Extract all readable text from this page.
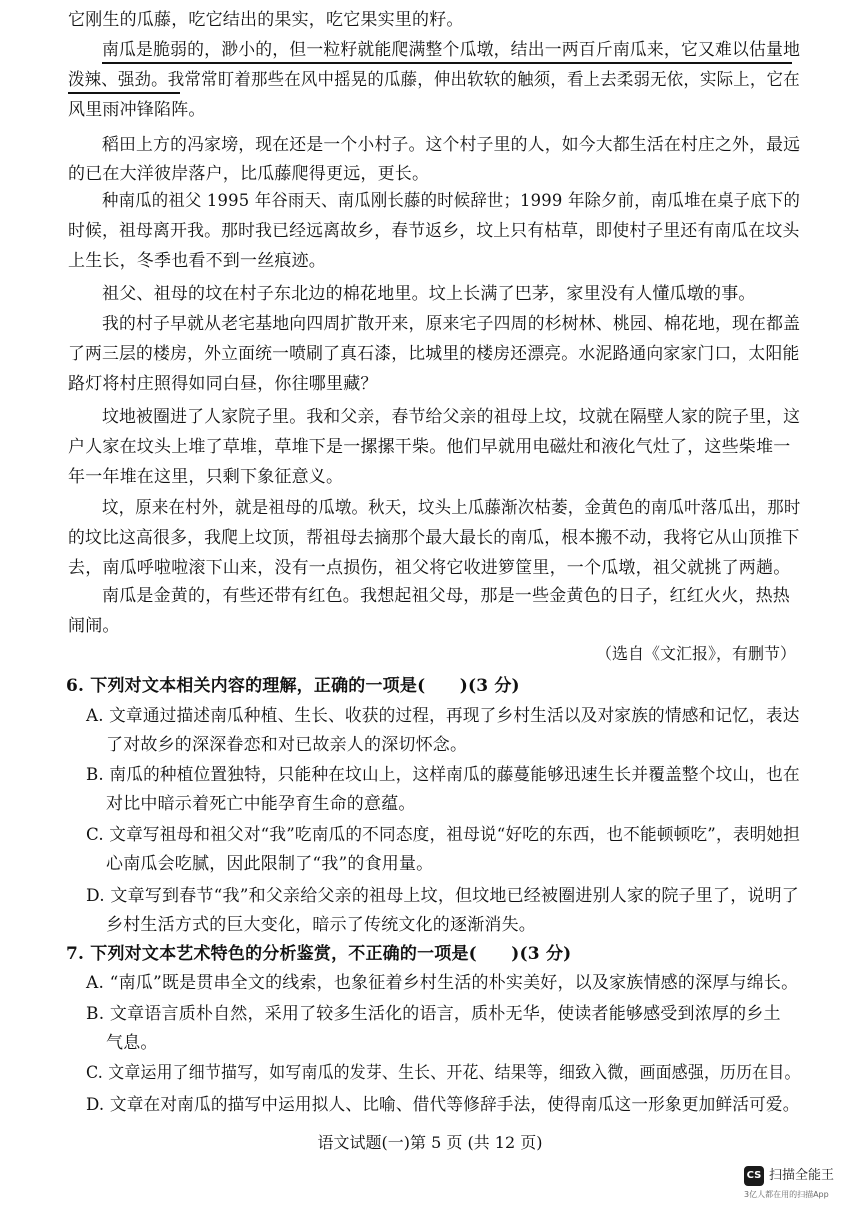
它刚生的瓜藤，吃它结出的果实，吃它果实里的籽。
南瓜是脆弱的，渺小的，但一粒籽就能爬满整个瓜墩，结出一两百斤南瓜来，它又难以估量地
泼辣、强劲。我常常盯着那些在风中摇晃的瓜藤，伸出软软的触须，看上去柔弱无依，实际上，它在
风里雨冲锋陷阵。
稻田上方的冯家塝，现在还是一个小村子。这个村子里的人，如今大都生活在村庄之外，最远
的已在大洋彼岸落户，比瓜藤爬得更远，更长。
种南瓜的祖父 1995 年谷雨天、南瓜刚长藤的时候辞世；1999 年除夕前，南瓜堆在桌子底下的
时候，祖母离开我。那时我已经远离故乡，春节返乡，坟上只有枯草，即使村子里还有南瓜在坟头
上生长，冬季也看不到一丝痕迹。
祖父、祖母的坟在村子东北边的棉花地里。坟上长满了巴茅，家里没有人懂瓜墩的事。
我的村子早就从老宅基地向四周扩散开来，原来宅子四周的杉树林、桃园、棉花地，现在都盖
了两三层的楼房，外立面统一喷刷了真石漆，比城里的楼房还漂亮。水泥路通向家家门口，太阳能
路灯将村庄照得如同白昼，你往哪里藏？
坟地被圈进了人家院子里。我和父亲，春节给父亲的祖母上坟，坟就在隔壁人家的院子里，这
户人家在坟头上堆了草堆，草堆下是一摞摞干柴。他们早就用电磁灶和液化气灶了，这些柴堆一
年一年堆在这里，只剩下象征意义。
坟，原来在村外，就是祖母的瓜墩。秋天，坟头上瓜藤渐次枯萎，金黄色的南瓜叶落瓜出，那时
的坟比这高很多，我爬上坟顶，帮祖母去摘那个最大最长的南瓜，根本搬不动，我将它从山顶推下
去，南瓜呼啦啦滚下山来，没有一点损伤，祖父将它收进箩筐里，一个瓜墩，祖父就挑了两趟。
南瓜是金黄的，有些还带有红色。我想起祖父母，那是一些金黄色的日子，红红火火，热热
闹闹。
（选自《文汇报》，有删节）
6. 下列对文本相关内容的理解，正确的一项是(　　)(3 分)
A. 文章通过描述南瓜种植、生长、收获的过程，再现了乡村生活以及对家族的情感和记忆，表达
了对故乡的深深眷恋和对已故亲人的深切怀念。
B. 南瓜的种植位置独特，只能种在坟山上，这样南瓜的藤蔓能够迅速生长并覆盖整个坟山，也在
对比中暗示着死亡中能孕育生命的意蕴。
C. 文章写祖母和祖父对“我”吃南瓜的不同态度，祖母说“好吃的东西，也不能顿顿吃”，表明她担
心南瓜会吃腻，因此限制了“我”的食用量。
D. 文章写到春节“我”和父亲给父亲的祖母上坟，但坟地已经被圈进别人家的院子里了，说明了
乡村生活方式的巨大变化，暗示了传统文化的逐渐消失。
7. 下列对文本艺术特色的分析鉴赏，不正确的一项是(　　)(3 分)
A. “南瓜”既是贯串全文的线索，也象征着乡村生活的朴实美好，以及家族情感的深厚与绵长。
B. 文章语言质朴自然，采用了较多生活化的语言，质朴无华，使读者能够感受到浓厚的乡土
气息。
C. 文章运用了细节描写，如写南瓜的发芽、生长、开花、结果等，细致入微，画面感强，历历在目。
D. 文章在对南瓜的描写中运用拟人、比喻、借代等修辞手法，使得南瓜这一形象更加鲜活可爱。
语文试题(一)第 5 页 (共 12 页)
CS 扫描全能王
3亿人都在用的扫描App
